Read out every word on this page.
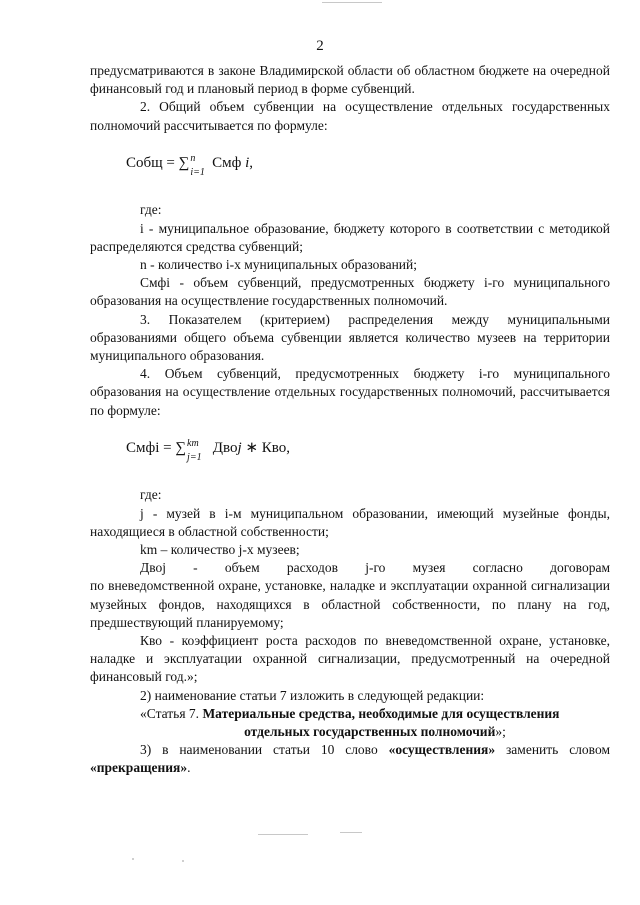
2

предусматриваются в законе Владимирской области об областном бюджете на очередной финансовый год и плановый период в форме субвенций.

2. Общий объем субвенции на осуществление отдельных государственных полномочий рассчитывается по формуле:

Собщ = ∑ n
i=1
Смф i,

где:

i - муниципальное образование, бюджету которого в соответствии с методикой распределяются средства субвенций;

n - количество i-х муниципальных образований;

Смфi - объем субвенций, предусмотренных бюджету i-го муниципального образования на осуществление государственных полномочий.

3. Показателем (критерием) распределения между муниципальными образованиями общего объема субвенции является количество музеев на территории муниципального образования.

4. Объем субвенций, предусмотренных бюджету i-го муниципального образования на осуществление отдельных государственных полномочий, рассчитывается по формуле:

Смфi = ∑ km
j=1
Двоj ∗ Кво,

где:

j - музей в i-м муниципальном образовании, имеющий музейные фонды, находящиеся в областной собственности;

km – количество j-х музеев;

Двој - объем расходов j-го музея согласно договорам

по вневедомственной охране, установке, наладке и эксплуатации охранной сигнализации музейных фондов, находящихся в областной собственности, по плану на год, предшествующий планируемому;

Кво - коэффициент роста расходов по вневедомственной охране, установке, наладке и эксплуатации охранной сигнализации, предусмотренный на очередной финансовый год.»;

2) наименование статьи 7 изложить в следующей редакции:

«Статья 7. Материальные средства, необходимые для осуществления
отдельных государственных полномочий»;

3) в наименовании статьи 10 слово «осуществления» заменить словом «прекращения».
